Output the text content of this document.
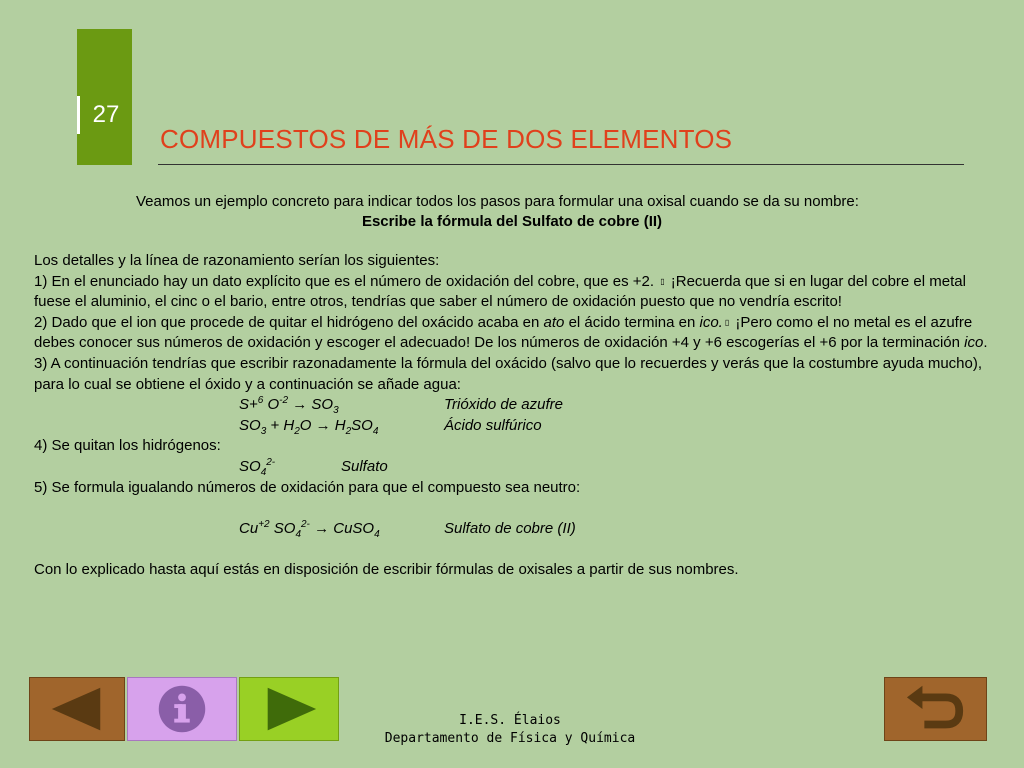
27
COMPUESTOS DE MÁS DE DOS ELEMENTOS
Veamos un ejemplo concreto para indicar todos los pasos para formular una oxisal cuando se da su nombre:
Escribe la fórmula del Sulfato de cobre (II)

Los detalles y la línea de razonamiento serían los siguientes:

1) En el enunciado hay un dato explícito que es el número de oxidación del cobre, que es +2. ▯ ¡Recuerda que si en lugar del cobre el metal fuese el aluminio, el cinc o el bario, entre otros, tendrías que saber el número de oxidación puesto que no vendría escrito!

2) Dado que el ion que procede de quitar el hidrógeno del oxácido acaba en ato el ácido termina en ico. ▯ ¡Pero como el no metal es el azufre debes conocer sus números de oxidación y escoger el adecuado! De los números de oxidación +4 y +6 escogerías el +6 por la terminación ico.

3) A continuación tendrías que escribir razonadamente la fórmula del oxácido (salvo que lo recuerdes y verás que la costumbre ayuda mucho), para lo cual se obtiene el óxido y a continuación se añade agua:

S+$^6$ $O^{-2} \to SO_3$	Trióxido de azufre
$SO_3 + H_2O \to H_2SO_4$	Ácido sulfúrico

4) Se quitan los hidrógenos:

$SO_4^{2-}$	Sulfato

5) Se formula igualando números de oxidación para que el compuesto sea neutro:

$Cu^{+2}$ $SO_4^{2-}$ → CuSO$_4$	Sulfato de cobre (II)

Con lo explicado hasta aquí estás en disposición de escribir fórmulas de oxisales a partir de sus nombres.

I.E.S. Élaios
Departamento de Física y Química
